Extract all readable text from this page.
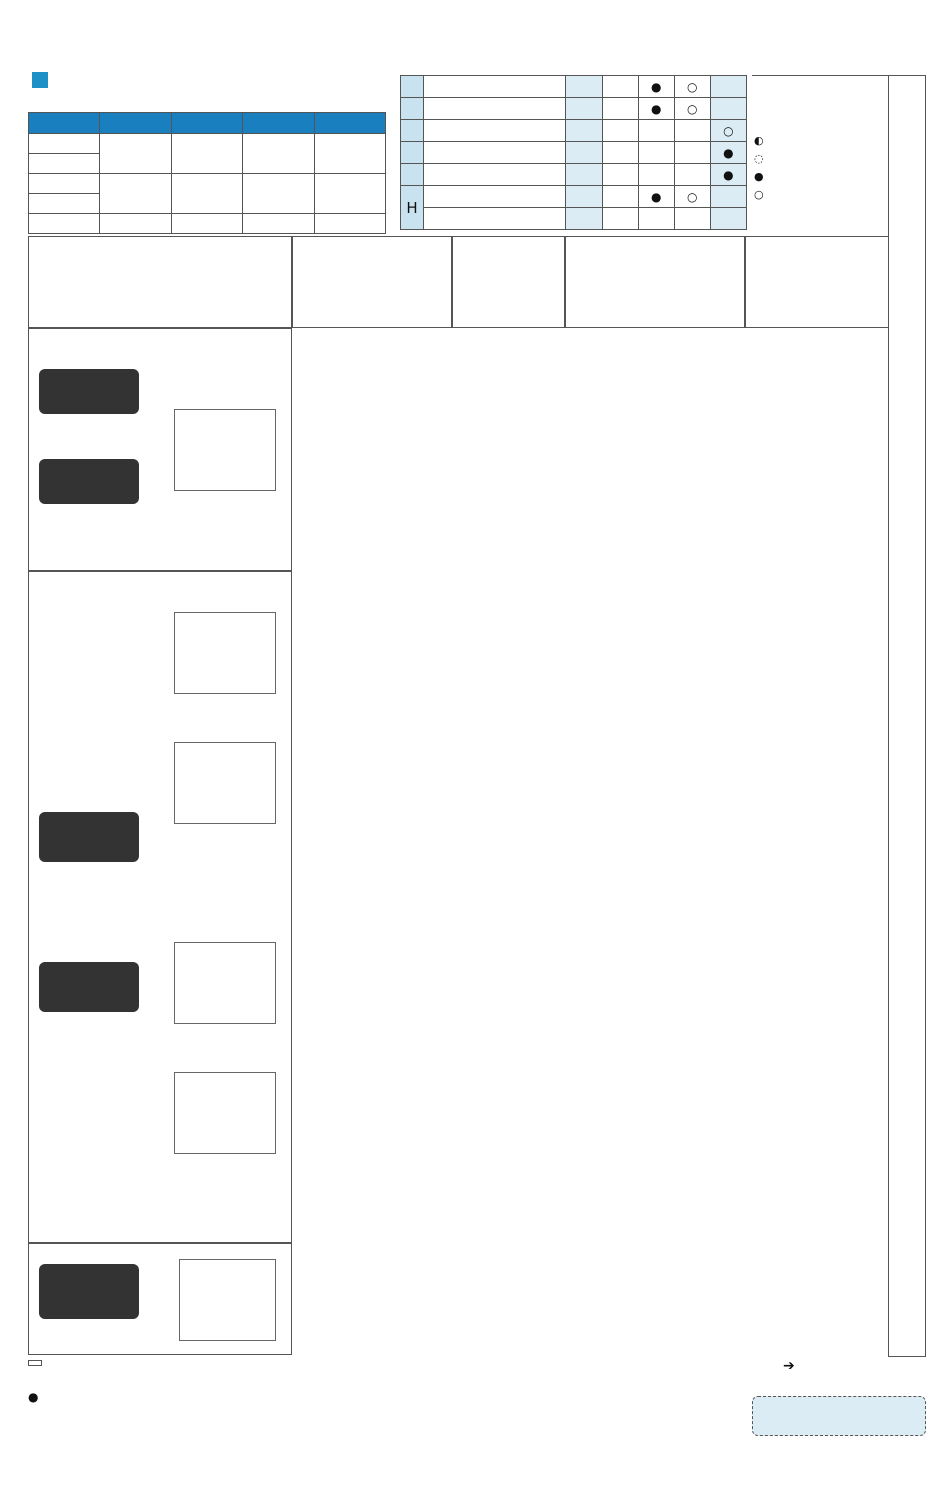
				●	○	
				●	○	
						○
						●
						●
H				●	○	

◐
◌
●
○
●
➔
